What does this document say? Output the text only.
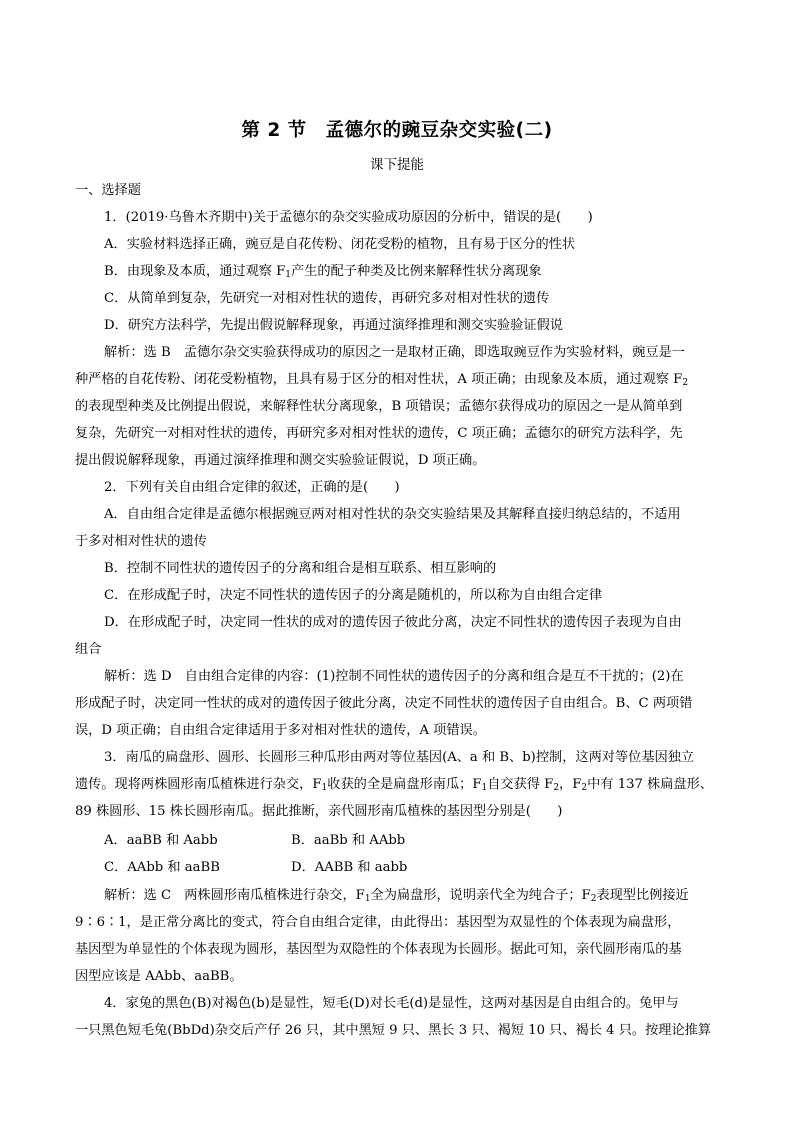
第 2 节　孟德尔的豌豆杂交实验(二)
课下提能
一、选择题
1．(2019·乌鲁木齐期中)关于孟德尔的杂交实验成功原因的分析中，错误的是(　　)
A．实验材料选择正确，豌豆是自花传粉、闭花受粉的植物，且有易于区分的性状
B．由现象及本质，通过观察 $F_1$产生的配子种类及比例来解释性状分离现象
C．从简单到复杂，先研究一对相对性状的遗传，再研究多对相对性状的遗传
D．研究方法科学，先提出假说解释现象，再通过演绎推理和测交实验验证假说
解析：选 B　孟德尔杂交实验获得成功的原因之一是取材正确，即选取豌豆作为实验材料，豌豆是一
种严格的自花传粉、闭花受粉植物，且具有易于区分的相对性状，A 项正确；由现象及本质，通过观察 $F_2$
的表现型种类及比例提出假说，来解释性状分离现象，B 项错误；孟德尔获得成功的原因之一是从简单到
复杂，先研究一对相对性状的遗传，再研究多对相对性状的遗传，C 项正确；孟德尔的研究方法科学，先
提出假说解释现象，再通过演绎推理和测交实验验证假说，D 项正确。
2．下列有关自由组合定律的叙述，正确的是(　　)
A．自由组合定律是孟德尔根据豌豆两对相对性状的杂交实验结果及其解释直接归纳总结的，不适用
于多对相对性状的遗传
B．控制不同性状的遗传因子的分离和组合是相互联系、相互影响的
C．在形成配子时，决定不同性状的遗传因子的分离是随机的，所以称为自由组合定律
D．在形成配子时，决定同一性状的成对的遗传因子彼此分离，决定不同性状的遗传因子表现为自由
组合
解析：选 D　自由组合定律的内容：(1)控制不同性状的遗传因子的分离和组合是互不干扰的；(2)在
形成配子时，决定同一性状的成对的遗传因子彼此分离，决定不同性状的遗传因子自由组合。B、C 两项错
误，D 项正确；自由组合定律适用于多对相对性状的遗传，A 项错误。
3．南瓜的扁盘形、圆形、长圆形三种瓜形由两对等位基因(A、a 和 B、b)控制，这两对等位基因独立
遗传。现将两株圆形南瓜植株进行杂交，$F_1$收获的全是扁盘形南瓜；$F_1$自交获得 $F_2$，$F_2$中有 137 株扁盘形、
89 株圆形、15 株长圆形南瓜。据此推断，亲代圆形南瓜植株的基因型分别是(　　)
A．aaBB 和 Aabb	B．aaBb 和 AAbb
C．AAbb 和 aaBB	D．AABB 和 aabb
解析：选 C　两株圆形南瓜植株进行杂交，$F_1$全为扁盘形，说明亲代全为纯合子；$F_2$表现型比例接近
9∶6∶1，是正常分离比的变式，符合自由组合定律，由此得出：基因型为双显性的个体表现为扁盘形，
基因型为单显性的个体表现为圆形，基因型为双隐性的个体表现为长圆形。据此可知，亲代圆形南瓜的基
因型应该是 AAbb、aaBB。
4．家兔的黑色(B)对褐色(b)是显性，短毛(D)对长毛(d)是显性，这两对基因是自由组合的。兔甲与
一只黑色短毛兔(BbDd)杂交后产仔 26 只，其中黑短 9 只、黑长 3 只、褐短 10 只、褐长 4 只。按理论推算
